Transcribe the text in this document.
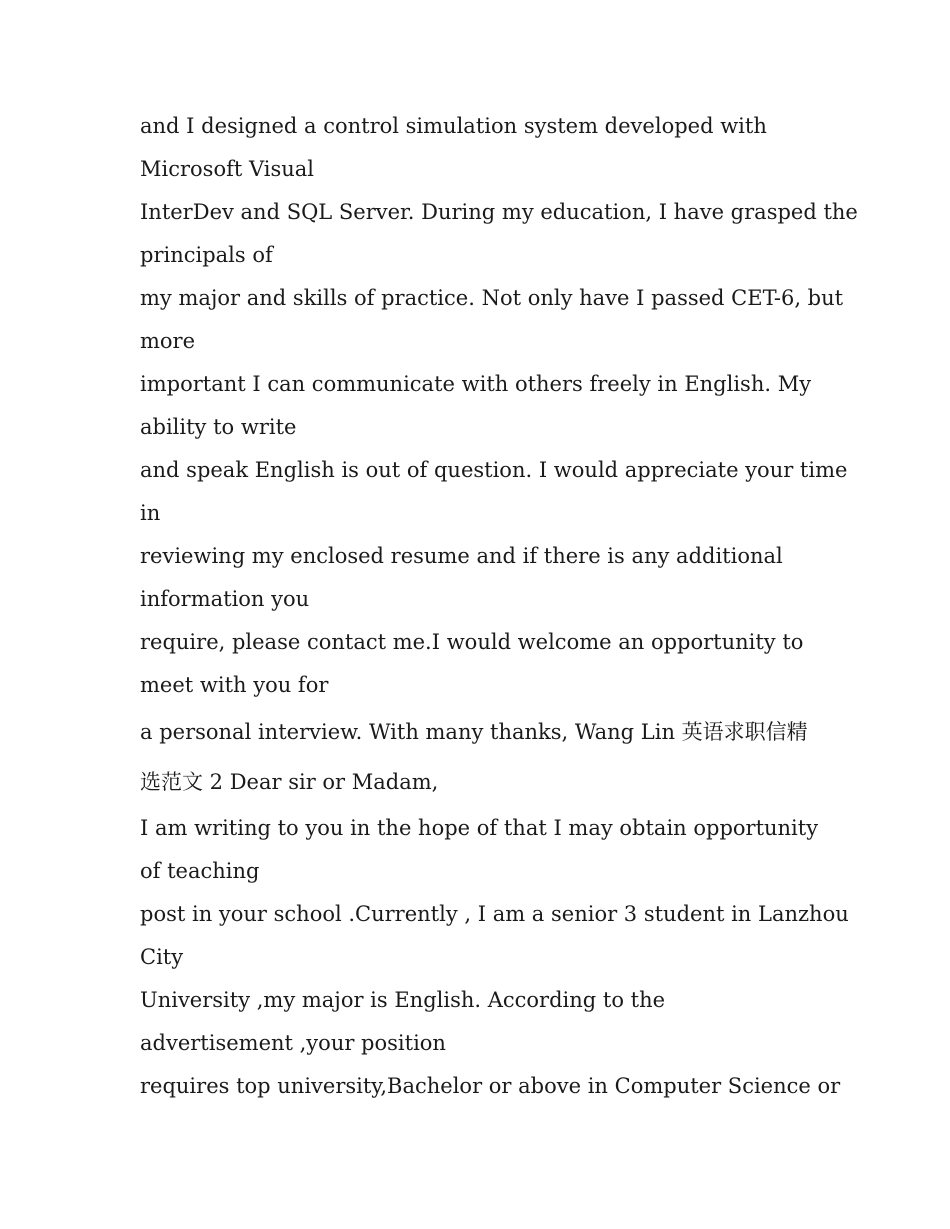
and I designed a control simulation system developed with
Microsoft Visual
InterDev and SQL Server. During my education, I have grasped the
principals of
my major and skills of practice. Not only have I passed CET-6, but
more
important I can communicate with others freely in English. My
ability to write
and speak English is out of question. I would appreciate your time
in
reviewing my enclosed resume and if there is any additional
information you
require, please contact me.I would welcome an opportunity to
meet with you for
a personal interview. With many thanks, Wang Lin 英语求职信精
选范文 2 Dear sir or Madam,
I am writing to you in the hope of that I may obtain opportunity
of teaching
post in your school .Currently , I am a senior 3 student in Lanzhou
City
University ,my major is English. According to the
advertisement ,your position
requires top university,Bachelor or above in Computer Science or
